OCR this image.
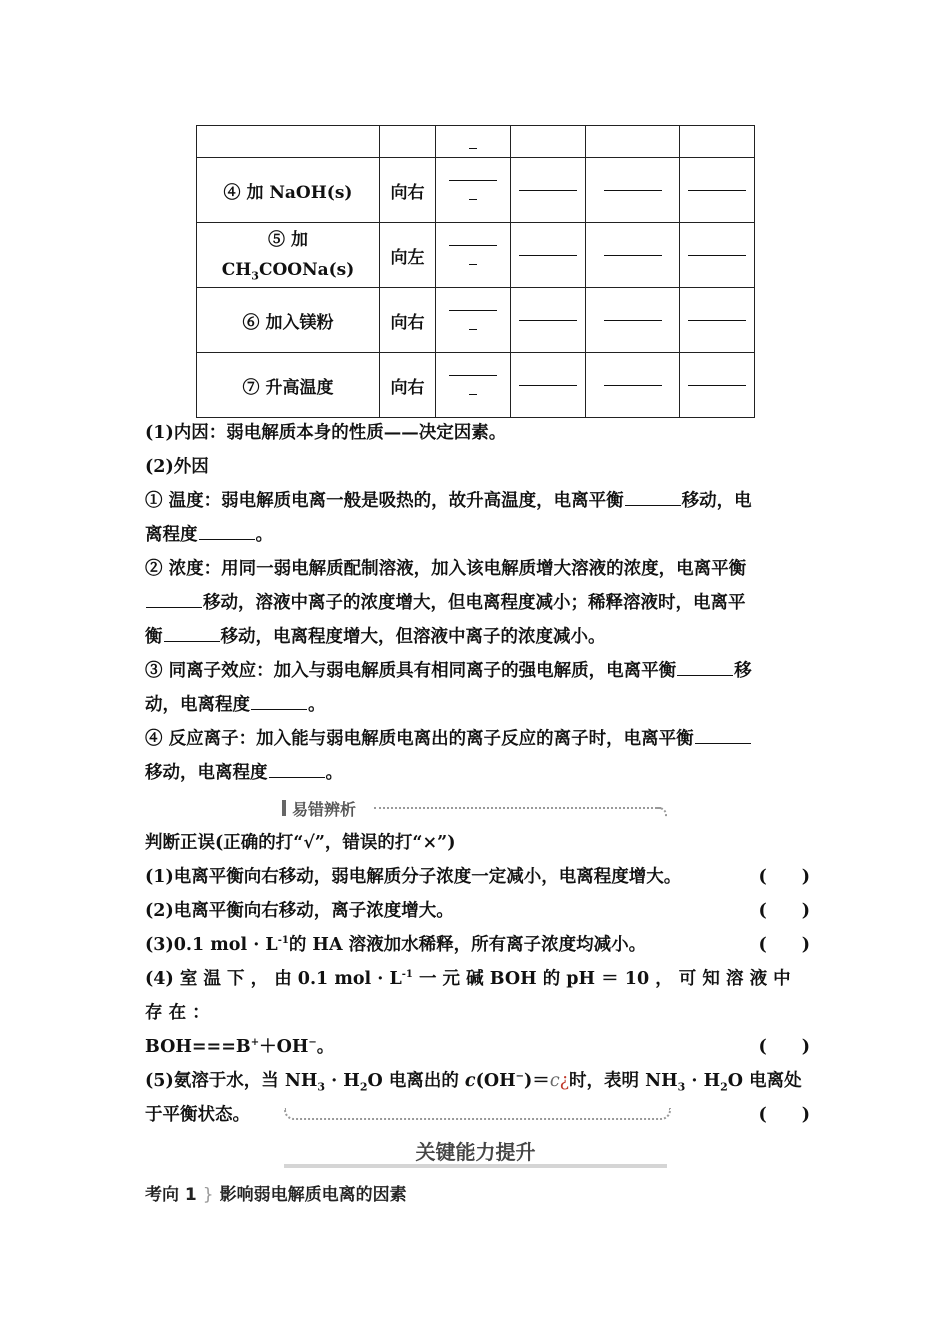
④ 加 NaOH(s)	向右	

⑤ 加
$CH_3COONa(s)$	向左	

⑥ 加入镁粉	向右	

⑦ 升高温度	向右	

(1)内因：弱电解质本身的性质——决定因素。
(2)外因
① 温度：弱电解质电离一般是吸热的，故升高温度，电离平衡	移动，电
离程度	。
② 浓度：用同一弱电解质配制溶液，加入该电解质增大溶液的浓度，电离平衡
移动，溶液中离子的浓度增大，但电离程度减小；稀释溶液时，电离平
衡	移动，电离程度增大，但溶液中离子的浓度减小。
③ 同离子效应：加入与弱电解质具有相同离子的强电解质，电离平衡	移
动，电离程度	。
④ 反应离子：加入能与弱电解质电离出的离子反应的离子时，电离平衡
移动，电离程度	。
易错辨析
判断正误(正确的打“√”，错误的打“×”)
(1)电离平衡向右移动，弱电解质分子浓度一定减小，电离程度增大。	(　　)
(2)电离平衡向右移动，离子浓度增大。	(　　)
(3)0.1 mol · $L^{-1}$的 HA 溶液加水稀释，所有离子浓度均减小。	(　　)
(4) 室 温 下 ， 由 0.1 mol · $L^{-1}$ 一 元 碱 BOH 的 pH ＝ 10 ， 可 知 溶 液 中 存 在 ：
BOH===B+＋OH−。	(　　)
(5)氨溶于水，当 $NH_3 \cdot H_2O$ 电离出的 c(OH−)＝c¿时，表明 $NH_3 \cdot H_2O$ 电离处
于平衡状态。	(　　)
关键能力提升
考向 1 } 影响弱电解质电离的因素
